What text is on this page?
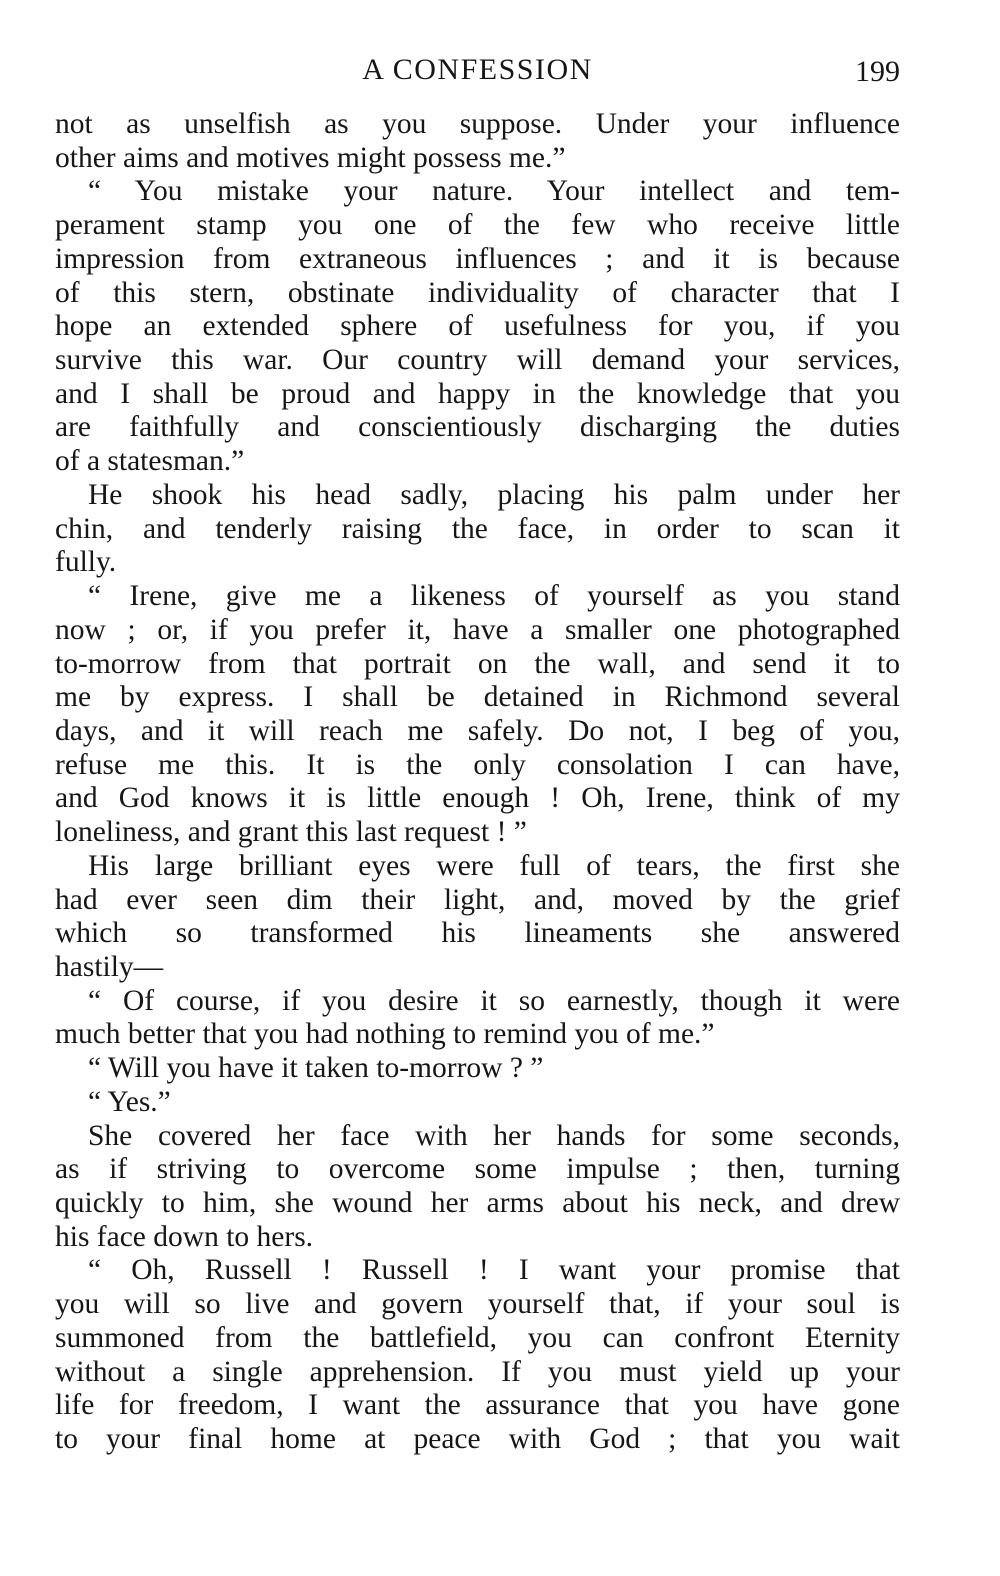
A CONFESSION	199
not as unselfish as you suppose. Under your influence
other aims and motives might possess me.”
“ You mistake your nature. Your intellect and tem-
perament stamp you one of the few who receive little
impression from extraneous influences ; and it is because
of this stern, obstinate individuality of character that I
hope an extended sphere of usefulness for you, if you
survive this war. Our country will demand your services,
and I shall be proud and happy in the knowledge that you
are faithfully and conscientiously discharging the duties
of a statesman.”
He shook his head sadly, placing his palm under her
chin, and tenderly raising the face, in order to scan it
fully.
“ Irene, give me a likeness of yourself as you stand
now ; or, if you prefer it, have a smaller one photographed
to-morrow from that portrait on the wall, and send it to
me by express. I shall be detained in Richmond several
days, and it will reach me safely. Do not, I beg of you,
refuse me this. It is the only consolation I can have,
and God knows it is little enough ! Oh, Irene, think of my
loneliness, and grant this last request ! ”
His large brilliant eyes were full of tears, the first she
had ever seen dim their light, and, moved by the grief
which so transformed his lineaments she answered
hastily—
“ Of course, if you desire it so earnestly, though it were
much better that you had nothing to remind you of me.”
“ Will you have it taken to-morrow ? ”
“ Yes.”
She covered her face with her hands for some seconds,
as if striving to overcome some impulse ; then, turning
quickly to him, she wound her arms about his neck, and drew
his face down to hers.
“ Oh, Russell ! Russell ! I want your promise that
you will so live and govern yourself that, if your soul is
summoned from the battlefield, you can confront Eternity
without a single apprehension. If you must yield up your
life for freedom, I want the assurance that you have gone
to your final home at peace with God ; that you wait
